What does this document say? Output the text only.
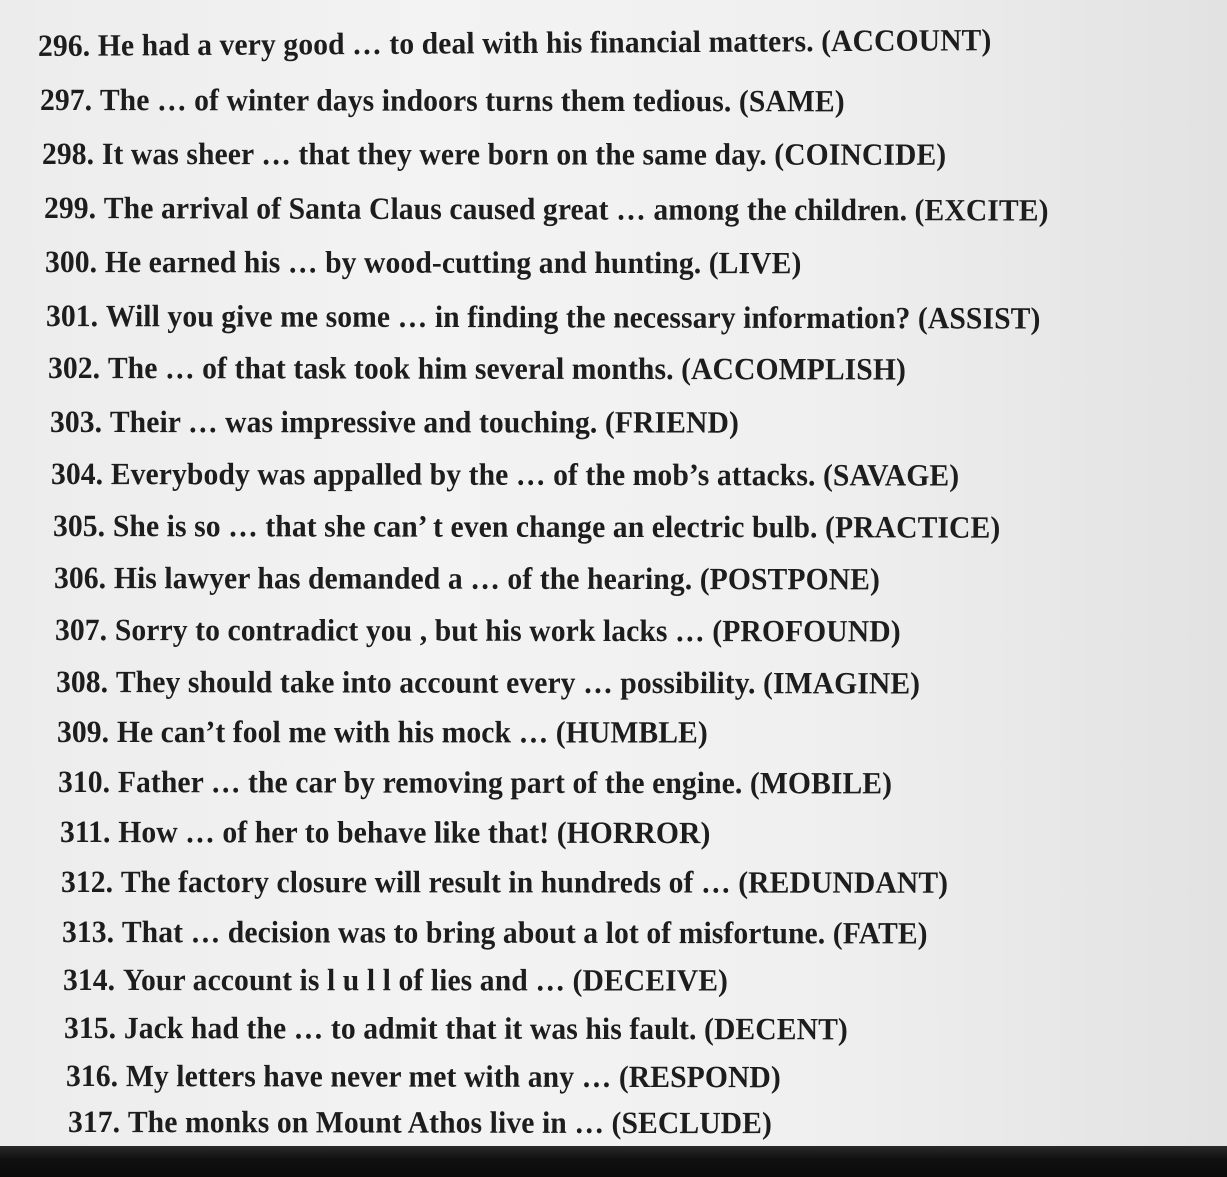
296. He had a very good … to deal with his financial matters. (ACCOUNT)
297. The … of winter days indoors turns them tedious. (SAME)
298. It was sheer … that they were born on the same day. (COINCIDE)
299. The arrival of Santa Claus caused great … among the children. (EXCITE)
300. He earned his … by wood-cutting and hunting. (LIVE)
301. Will you give me some … in finding the necessary information? (ASSIST)
302. The … of that task took him several months. (ACCOMPLISH)
303. Their … was impressive and touching. (FRIEND)
304. Everybody was appalled by the … of the mob’s attacks. (SAVAGE)
305. She is so … that she can’ t even change an electric bulb. (PRACTICE)
306. His lawyer has demanded a … of the hearing. (POSTPONE)
307. Sorry to contradict you , but his work lacks … (PROFOUND)
308. They should take into account every … possibility. (IMAGINE)
309. He can’t fool me with his mock … (HUMBLE)
310. Father … the car by removing part of the engine. (MOBILE)
311. How … of her to behave like that! (HORROR)
312. The factory closure will result in hundreds of … (REDUNDANT)
313. That … decision was to bring about a lot of misfortune. (FATE)
314. Your account is l u l l of lies and … (DECEIVE)
315. Jack had the … to admit that it was his fault. (DECENT)
316. My letters have never met with any … (RESPOND)
317. The monks on Mount Athos live in … (SECLUDE)
